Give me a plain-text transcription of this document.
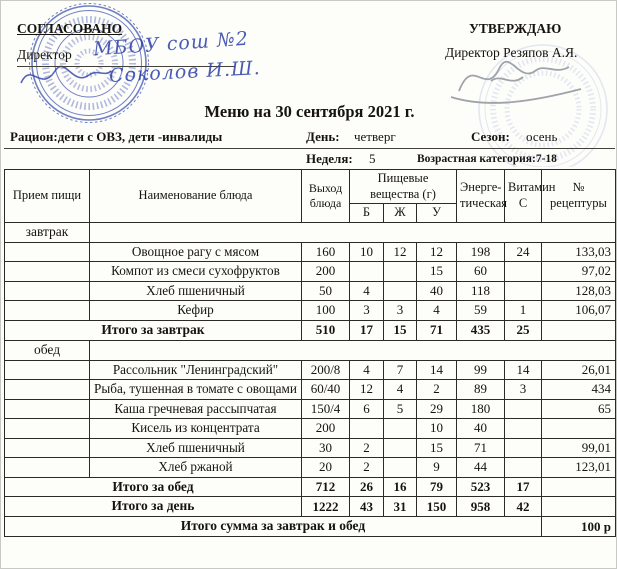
СОГЛАСОВАНО
Директор	МБОУ сош №2
Соколов И.Ш.
УТВЕРЖДАЮ
Директор Резяпов А.Я.
Меню на 30 сентября 2021 г.
Рацион:дети с ОВЗ, дети -инвалиды	День: четверг	Сезон: осень
Неделя: 5	Возрастная категория:7-18
Прием пищи	Наименование блюда	Выход блюда	Пищевые вещества (г)			Энерге-тическая	Витамин С	№ рецептуры
			Б	Ж	У			
завтрак								
	Овощное рагу с мясом	160	10	12	12	198	24	133,03
	Компот из смеси сухофруктов	200			15	60		97,02
	Хлеб пшеничный	50	4		40	118		128,03
	Кефир	100	3	3	4	59	1	106,07
Итого за завтрак		510	17	15	71	435	25	
обед								
	Рассольник "Ленинградский"	200/8	4	7	14	99	14	26,01
	Рыба, тушенная в томате с овощами	60/40	12	4	2	89	3	434
	Каша гречневая рассыпчатая	150/4	6	5	29	180		65
	Кисель из концентрата	200			10	40		
	Хлеб пшеничный	30	2		15	71		99,01
	Хлеб ржаной	20	2		9	44		123,01
Итого за обед		712	26	16	79	523	17	
Итого за день		1222	43	31	150	958	42	
Итого сумма за завтрак и обед								100 р
